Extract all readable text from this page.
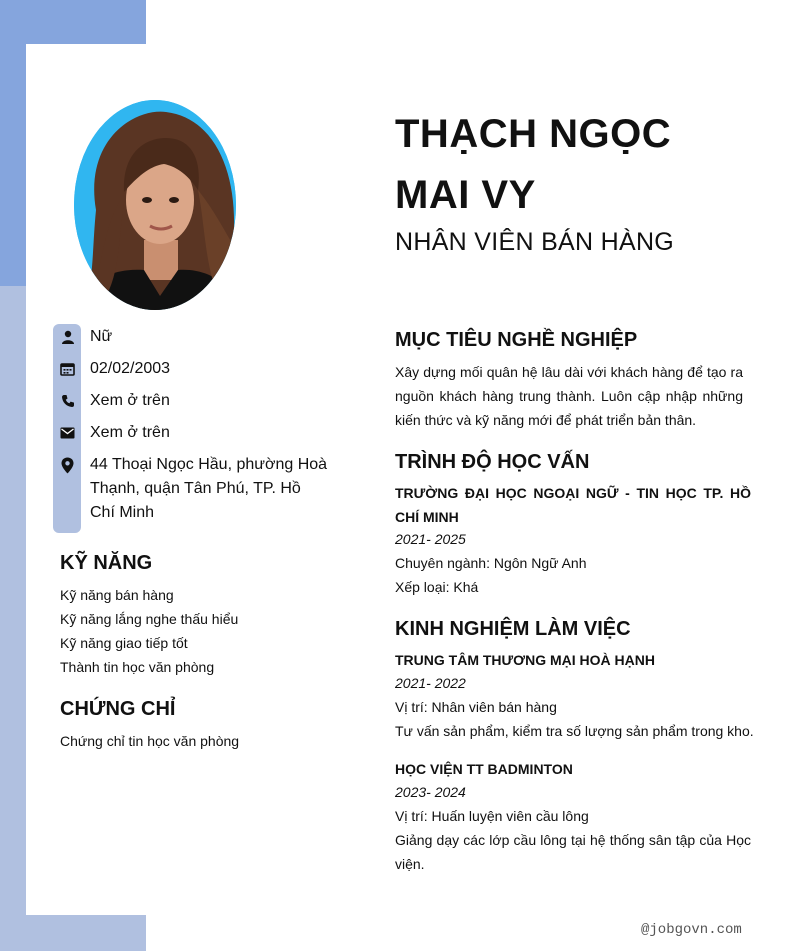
THẠCH NGỌC
MAI VY
NHÂN VIÊN BÁN HÀNG
Nữ
02/02/2003
Xem ở trên
Xem ở trên
44 Thoại Ngọc Hầu, phường Hoà Thạnh, quận Tân Phú, TP. Hồ Chí Minh
KỸ NĂNG
Kỹ năng bán hàng
Kỹ năng lắng nghe thấu hiểu
Kỹ năng giao tiếp tốt
Thành tin học văn phòng
CHỨNG CHỈ
Chứng chỉ tin học văn phòng
MỤC TIÊU NGHỀ NGHIỆP
Xây dựng mối quân hệ lâu dài với khách hàng để tạo ra nguồn khách hàng trung thành. Luôn cập nhập những kiến thức và kỹ năng mới để phát triển bản thân.
TRÌNH ĐỘ HỌC VẤN
TRƯỜNG ĐẠI HỌC NGOẠI NGỮ - TIN HỌC TP. HỒ CHÍ MINH
2021- 2025
Chuyên ngành: Ngôn Ngữ Anh
Xếp loại: Khá
KINH NGHIỆM LÀM VIỆC
TRUNG TÂM THƯƠNG MẠI HOÀ HẠNH
2021- 2022
Vị trí: Nhân viên bán hàng
Tư vấn sản phẩm, kiểm tra số lượng sản phẩm trong kho.
HỌC VIỆN TT BADMINTON
2023- 2024
Vị trí: Huấn luyện viên cầu lông
Giảng dạy các lớp cầu lông tại hệ thống sân tập của Học viện.
@jobgovn.com
